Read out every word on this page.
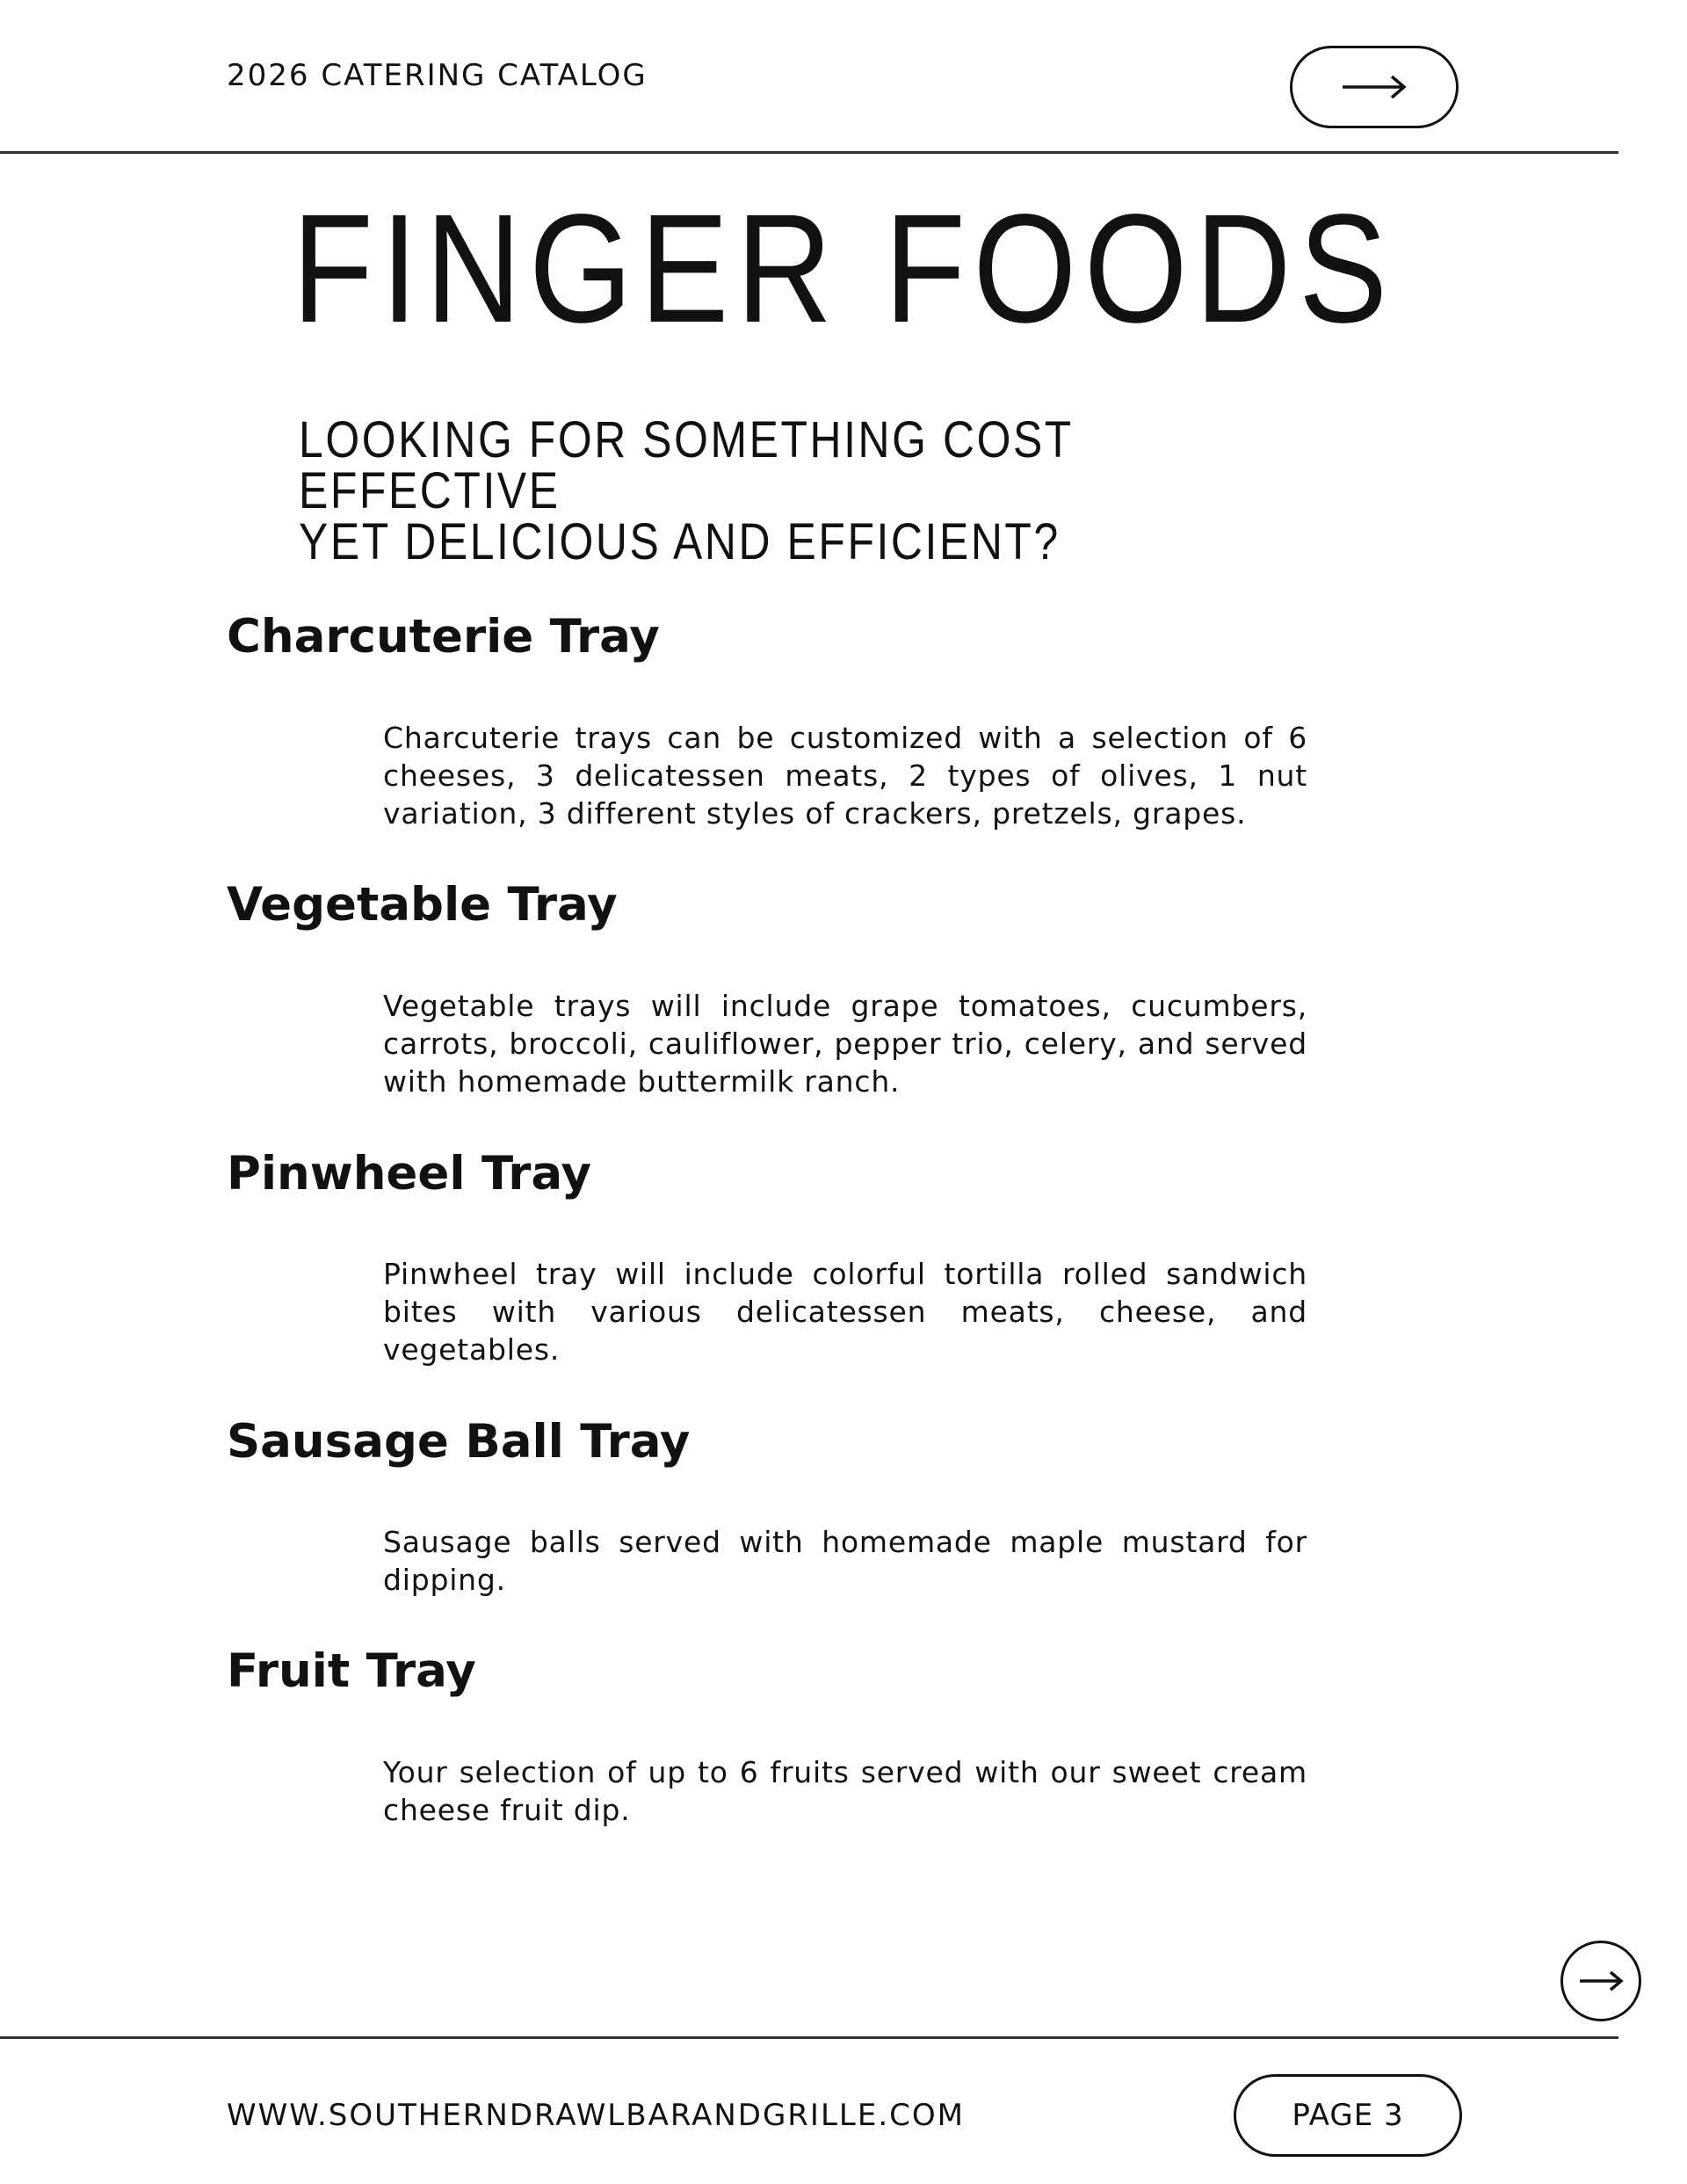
2026 CATERING CATALOG
FINGER FOODS
LOOKING FOR SOMETHING COST EFFECTIVE
YET DELICIOUS AND EFFICIENT?
Charcuterie Tray
Charcuterie trays can be customized with a selection of 6 cheeses, 3 delicatessen meats, 2 types of olives, 1 nut variation, 3 different styles of crackers, pretzels, grapes.
Vegetable Tray
Vegetable trays will include grape tomatoes, cucumbers, carrots, broccoli, cauliflower, pepper trio, celery, and served with homemade buttermilk ranch.
Pinwheel Tray
Pinwheel tray will include colorful tortilla rolled sandwich bites with various delicatessen meats, cheese, and vegetables.
Sausage Ball Tray
Sausage balls served with homemade maple mustard for dipping.
Fruit Tray
Your selection of up to 6 fruits served with our sweet cream cheese fruit dip.
WWW.SOUTHERNDRAWLBARANDGRILLE.COM	PAGE 3
